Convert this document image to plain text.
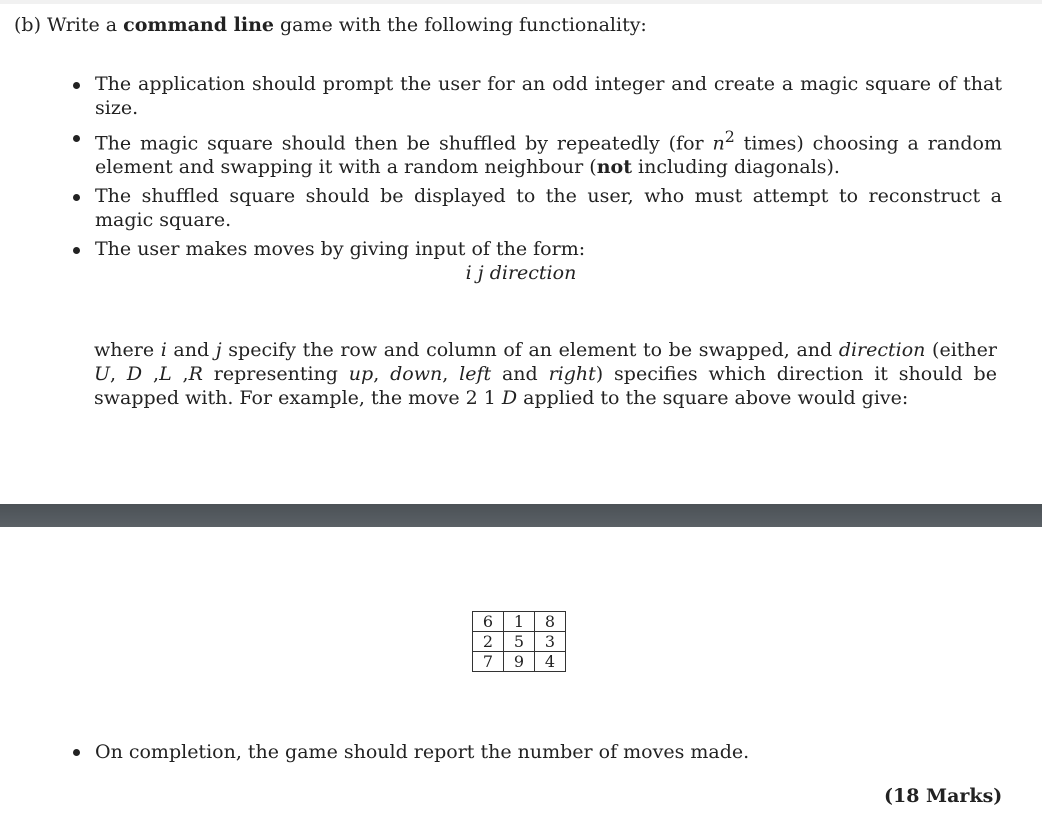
(b) Write a command line game with the following functionality:
The application should prompt the user for an odd integer and create a magic square of that size.
The magic square should then be shuffled by repeatedly (for $n^2$ times) choosing a random element and swapping it with a random neighbour (not including diagonals).
The shuffled square should be displayed to the user, who must attempt to reconstruct a magic square.
The user makes moves by giving input of the form:
i j direction

where i and j specify the row and column of an element to be swapped, and direction (either U, D ,L ,R representing up, down, left and right) specifies which direction it should be swapped with. For example, the move 2 1 D applied to the square above would give:

6	1	8
2	5	3
7	9	4
On completion, the game should report the number of moves made.
(18 Marks)
